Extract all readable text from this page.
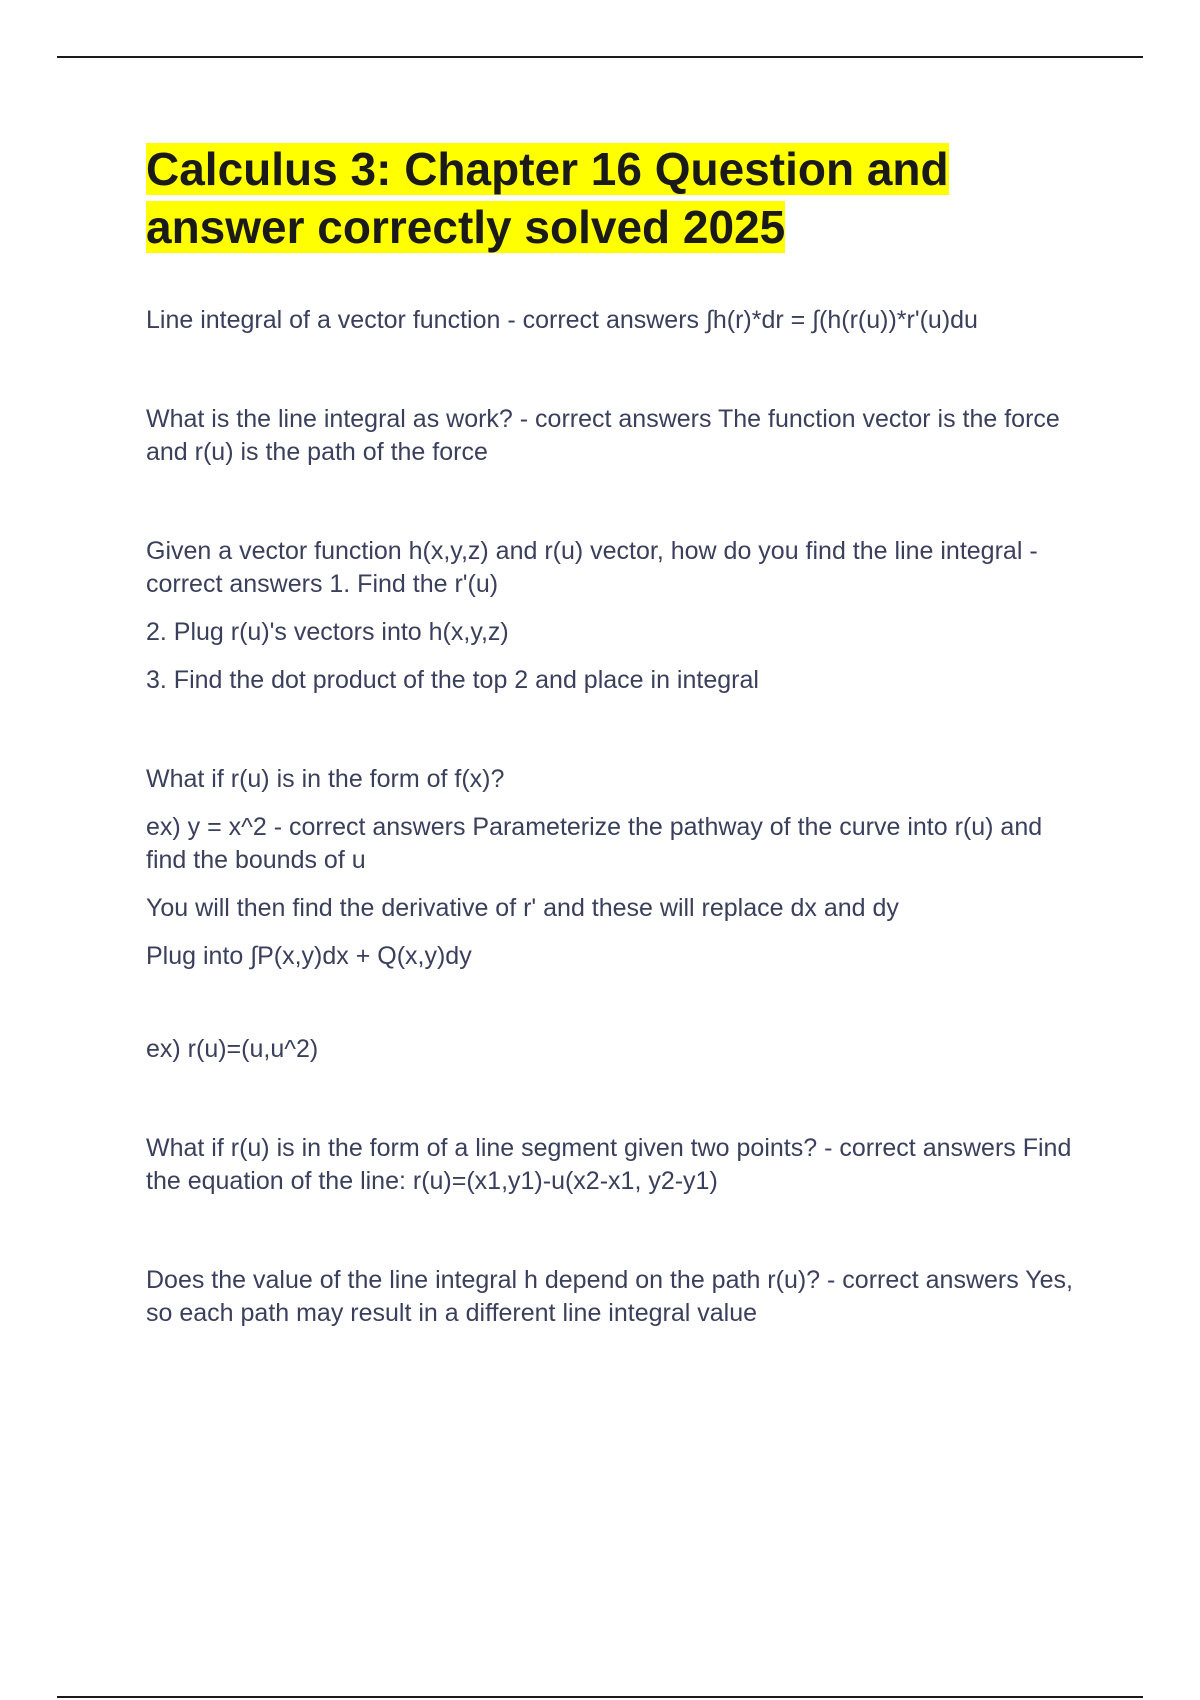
Calculus 3: Chapter 16 Question and answer correctly solved 2025

Line integral of a vector function - correct answers ∫h(r)*dr = ∫(h(r(u))*r'(u)du

What is the line integral as work? - correct answers The function vector is the force and r(u) is the path of the force

Given a vector function h(x,y,z) and r(u) vector, how do you find the line integral - correct answers 1. Find the r'(u)

2. Plug r(u)'s vectors into h(x,y,z)

3. Find the dot product of the top 2 and place in integral

What if r(u) is in the form of f(x)?

ex) y = x^2 - correct answers Parameterize the pathway of the curve into r(u) and find the bounds of u

You will then find the derivative of r' and these will replace dx and dy

Plug into ∫P(x,y)dx + Q(x,y)dy

ex) r(u)=(u,u^2)

What if r(u) is in the form of a line segment given two points? - correct answers Find the equation of the line: r(u)=(x1,y1)-u(x2-x1, y2-y1)

Does the value of the line integral h depend on the path r(u)? - correct answers Yes, so each path may result in a different line integral value
